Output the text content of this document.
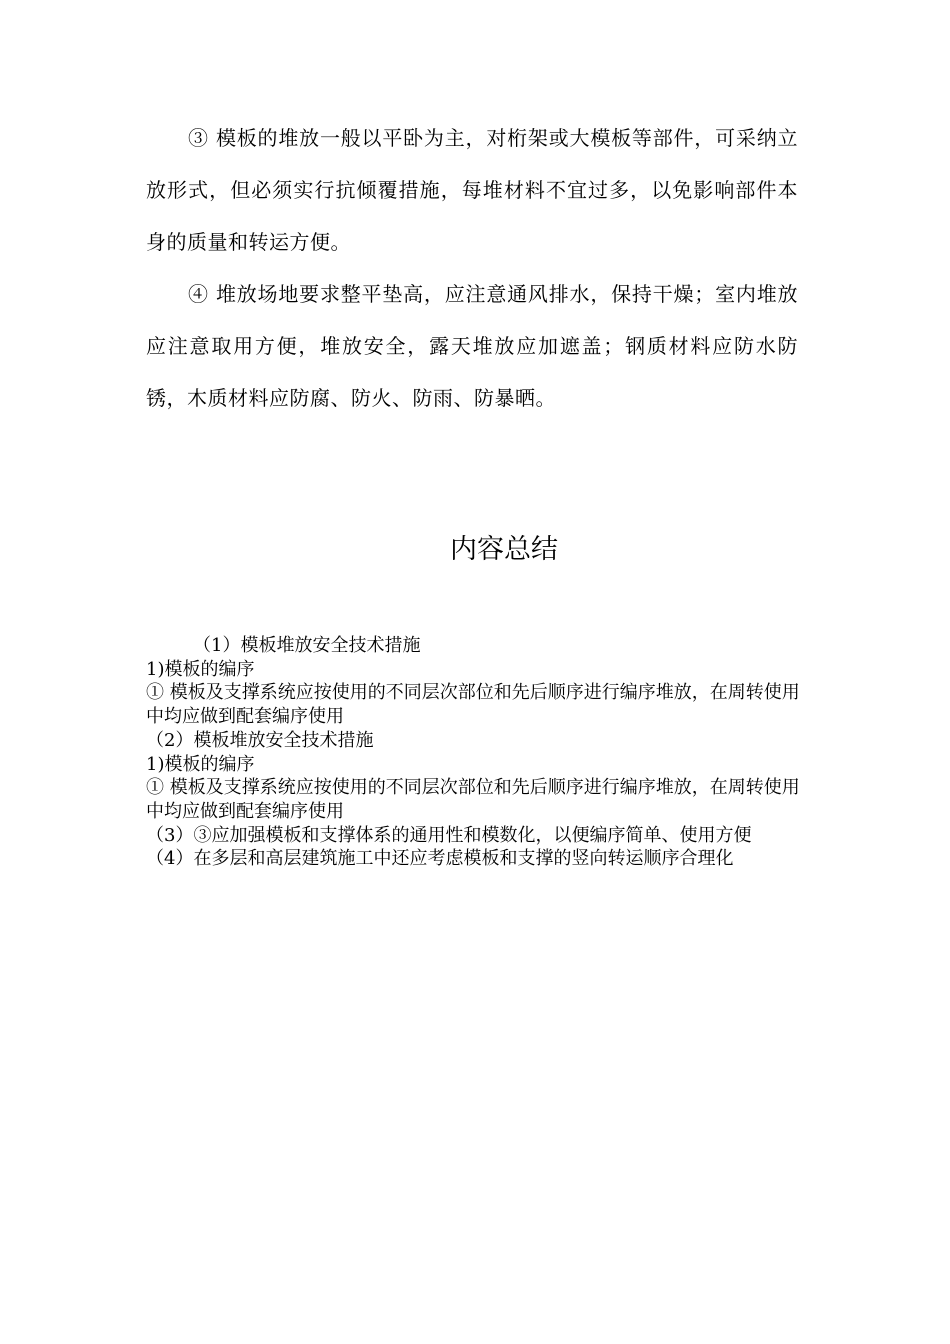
③ 模板的堆放一般以平卧为主，对桁架或大模板等部件，可采纳立放形式，但必须实行抗倾覆措施，每堆材料不宜过多，以免影响部件本身的质量和转运方便。

④ 堆放场地要求整平垫高，应注意通风排水，保持干燥；室内堆放应注意取用方便，堆放安全，露天堆放应加遮盖；钢质材料应防水防锈，木质材料应防腐、防火、防雨、防暴晒。

内容总结
（1）模板堆放安全技术措施
1)模板的编序
① 模板及支撑系统应按使用的不同层次部位和先后顺序进行编序堆放，在周转使用中均应做到配套编序使用
（2）模板堆放安全技术措施
1)模板的编序
① 模板及支撑系统应按使用的不同层次部位和先后顺序进行编序堆放，在周转使用中均应做到配套编序使用
（3）③应加强模板和支撑体系的通用性和模数化，以便编序简单、使用方便
（4）在多层和高层建筑施工中还应考虑模板和支撑的竖向转运顺序合理化
